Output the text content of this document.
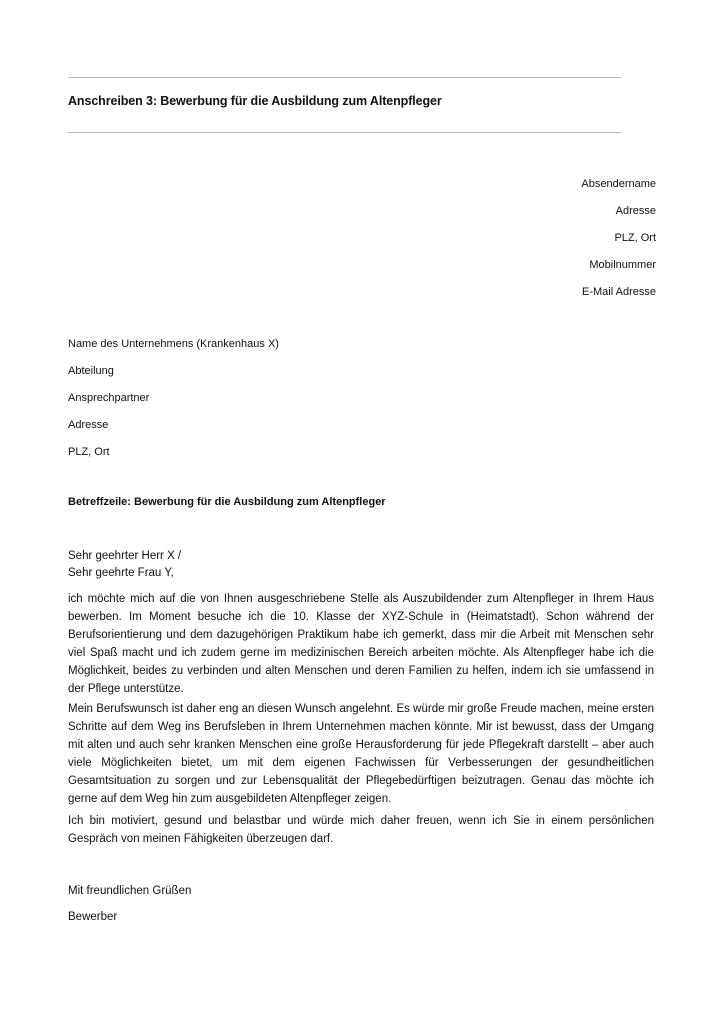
Anschreiben 3: Bewerbung für die Ausbildung zum Altenpfleger
Absendername
Adresse
PLZ, Ort
Mobilnummer
E-Mail Adresse
Name des Unternehmens (Krankenhaus X)
Abteilung
Ansprechpartner
Adresse
PLZ, Ort
Betreffzeile: Bewerbung für die Ausbildung zum Altenpfleger
Sehr geehrter Herr X /
Sehr geehrte Frau Y,
ich möchte mich auf die von Ihnen ausgeschriebene Stelle als Auszubildender zum Altenpfleger in Ihrem Haus bewerben. Im Moment besuche ich die 10. Klasse der XYZ-Schule in (Heimatstadt). Schon während der Berufsorientierung und dem dazugehörigen Praktikum habe ich gemerkt, dass mir die Arbeit mit Menschen sehr viel Spaß macht und ich zudem gerne im medizinischen Bereich arbeiten möchte. Als Altenpfleger habe ich die Möglichkeit, beides zu verbinden und alten Menschen und deren Familien zu helfen, indem ich sie umfassend in der Pflege unterstütze.
Mein Berufswunsch ist daher eng an diesen Wunsch angelehnt. Es würde mir große Freude machen, meine ersten Schritte auf dem Weg ins Berufsleben in Ihrem Unternehmen machen könnte. Mir ist bewusst, dass der Umgang mit alten und auch sehr kranken Menschen eine große Herausforderung für jede Pflegekraft darstellt – aber auch viele Möglichkeiten bietet, um mit dem eigenen Fachwissen für Verbesserungen der gesundheitlichen Gesamtsituation zu sorgen und zur Lebensqualität der Pflegebedürftigen beizutragen. Genau das möchte ich gerne auf dem Weg hin zum ausgebildeten Altenpfleger zeigen.
Ich bin motiviert, gesund und belastbar und würde mich daher freuen, wenn ich Sie in einem persönlichen Gespräch von meinen Fähigkeiten überzeugen darf.
Mit freundlichen Grüßen
Bewerber
